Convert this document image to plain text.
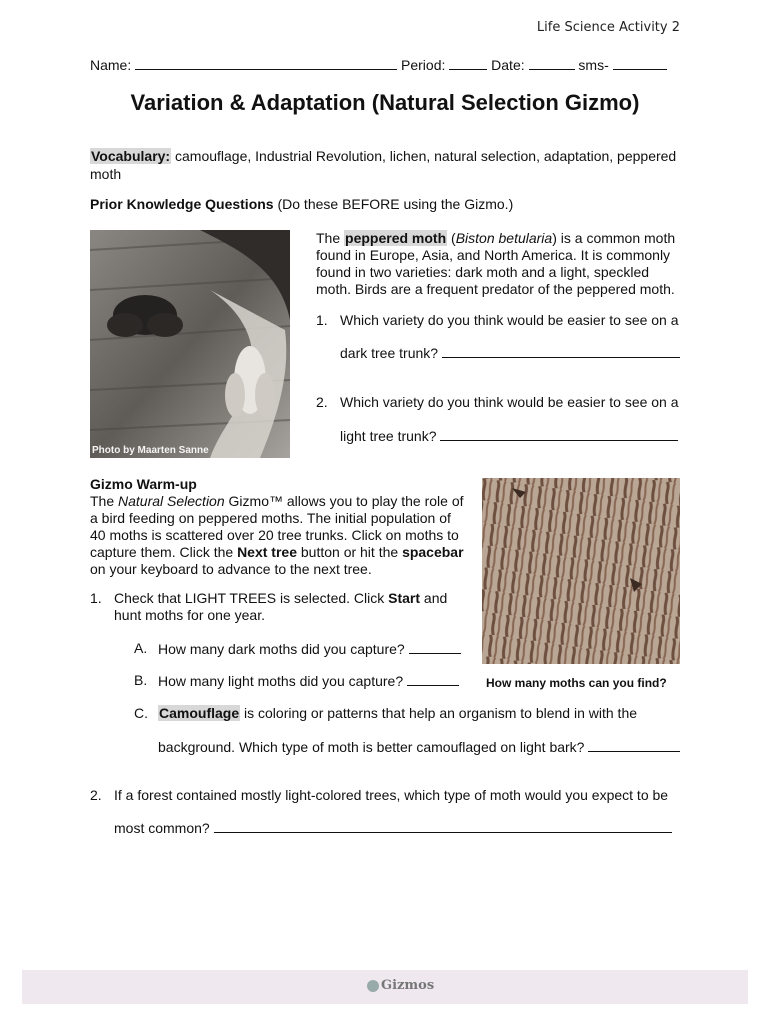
Life Science Activity 2
Name:	Period:	Date:	sms-
Variation & Adaptation (Natural Selection Gizmo)
Vocabulary: camouflage, Industrial Revolution, lichen, natural selection, adaptation, peppered moth
Prior Knowledge Questions (Do these BEFORE using the Gizmo.)
Photo by Maarten Sanne
The peppered moth (Biston betularia) is a common moth found in Europe, Asia, and North America. It is commonly found in two varieties: dark moth and a light, speckled moth. Birds are a frequent predator of the peppered moth.
1. Which variety do you think would be easier to see on a
dark tree trunk?
2. Which variety do you think would be easier to see on a
light tree trunk?
Gizmo Warm-up
The Natural Selection Gizmo™ allows you to play the role of a bird feeding on peppered moths. The initial population of 40 moths is scattered over 20 tree trunks. Click on moths to capture them. Click the Next tree button or hit the spacebar on your keyboard to advance to the next tree.
How many moths can you find?
1. Check that LIGHT TREES is selected. Click Start and
hunt moths for one year.
A. How many dark moths did you capture?
B. How many light moths did you capture?
C. Camouflage is coloring or patterns that help an organism to blend in with the
background. Which type of moth is better camouflaged on light bark?
2. If a forest contained mostly light-colored trees, which type of moth would you expect to be
most common?
Gizmos
